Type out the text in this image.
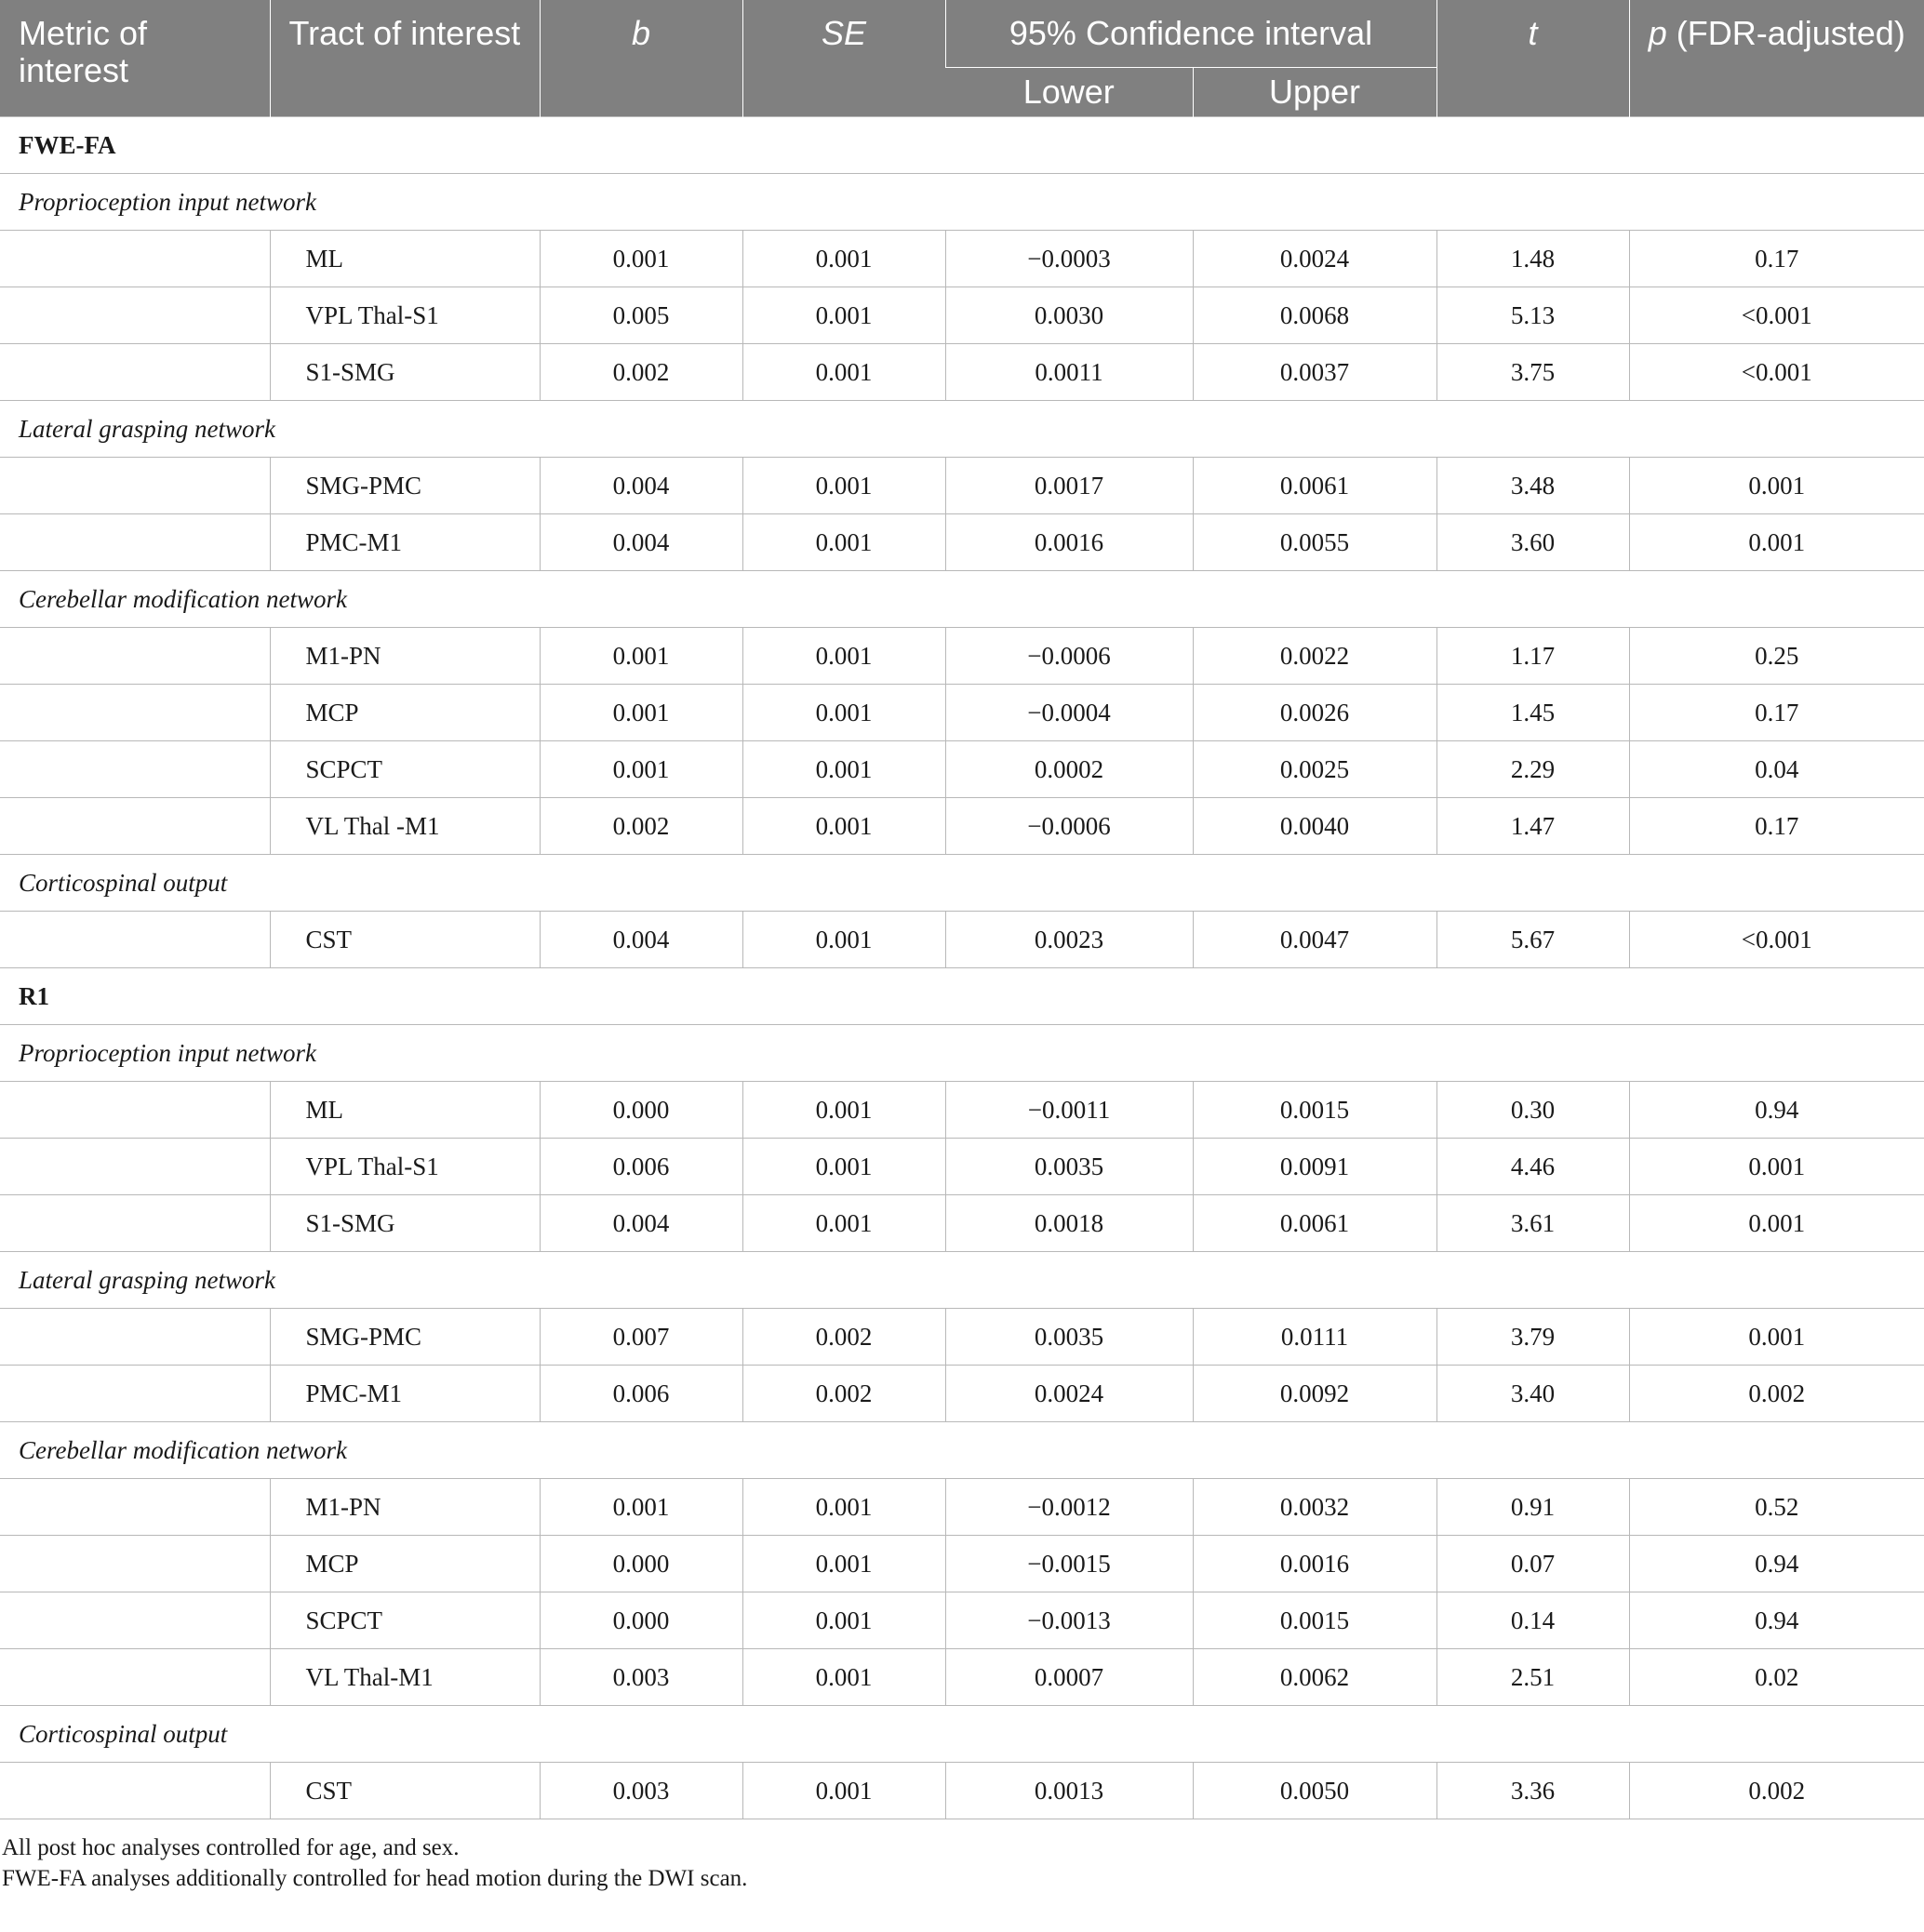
Metric of interest	Tract of interest	b	SE	95% Confidence interval		t	p (FDR-adjusted)
				Lower	Upper		
FWE-FA							
Proprioception input network							
	ML	0.001	0.001	−0.0003	0.0024	1.48	0.17
	VPL Thal-S1	0.005	0.001	0.0030	0.0068	5.13	<0.001
	S1-SMG	0.002	0.001	0.0011	0.0037	3.75	<0.001
Lateral grasping network							
	SMG-PMC	0.004	0.001	0.0017	0.0061	3.48	0.001
	PMC-M1	0.004	0.001	0.0016	0.0055	3.60	0.001
Cerebellar modification network							
	M1-PN	0.001	0.001	−0.0006	0.0022	1.17	0.25
	MCP	0.001	0.001	−0.0004	0.0026	1.45	0.17
	SCPCT	0.001	0.001	0.0002	0.0025	2.29	0.04
	VL Thal -M1	0.002	0.001	−0.0006	0.0040	1.47	0.17
Corticospinal output							
	CST	0.004	0.001	0.0023	0.0047	5.67	<0.001
R1							
Proprioception input network							
	ML	0.000	0.001	−0.0011	0.0015	0.30	0.94
	VPL Thal-S1	0.006	0.001	0.0035	0.0091	4.46	0.001
	S1-SMG	0.004	0.001	0.0018	0.0061	3.61	0.001
Lateral grasping network							
	SMG-PMC	0.007	0.002	0.0035	0.0111	3.79	0.001
	PMC-M1	0.006	0.002	0.0024	0.0092	3.40	0.002
Cerebellar modification network							
	M1-PN	0.001	0.001	−0.0012	0.0032	0.91	0.52
	MCP	0.000	0.001	−0.0015	0.0016	0.07	0.94
	SCPCT	0.000	0.001	−0.0013	0.0015	0.14	0.94
	VL Thal-M1	0.003	0.001	0.0007	0.0062	2.51	0.02
Corticospinal output							
	CST	0.003	0.001	0.0013	0.0050	3.36	0.002
All post hoc analyses controlled for age, and sex.
FWE-FA analyses additionally controlled for head motion during the DWI scan.
